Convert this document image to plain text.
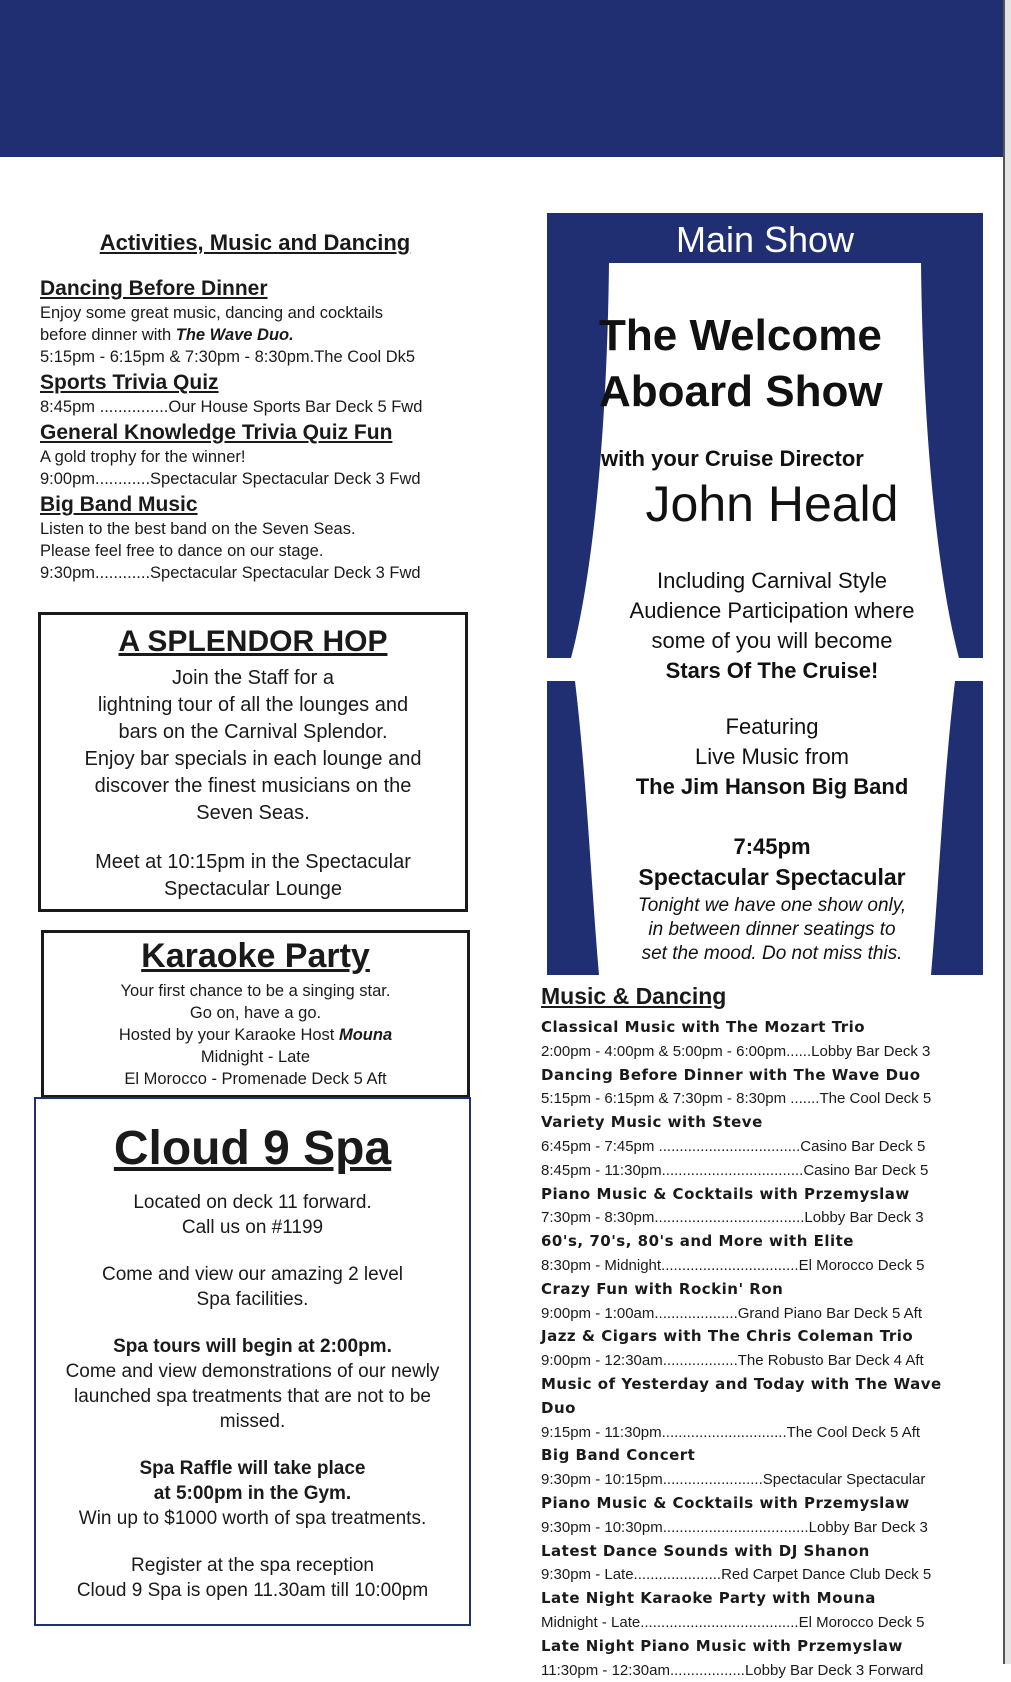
Activities, Music and Dancing

Dancing Before Dinner

Enjoy some great music, dancing and cocktails

before dinner with The Wave Duo.

5:15pm - 6:15pm & 7:30pm - 8:30pm.The Cool Dk5

Sports Trivia Quiz

8:45pm ...............Our House Sports Bar Deck 5 Fwd

General Knowledge Trivia Quiz Fun

A gold trophy for the winner!

9:00pm............Spectacular Spectacular Deck 3 Fwd

Big Band Music

Listen to the best band on the Seven Seas.

Please feel free to dance on our stage.

9:30pm............Spectacular Spectacular Deck 3 Fwd

A SPLENDOR HOP

Join the Staff for a

lightning tour of all the lounges and

bars on the Carnival Splendor.

Enjoy bar specials in each lounge and

discover the finest musicians on the

Seven Seas.

Meet at 10:15pm in the Spectacular

Spectacular Lounge

Karaoke Party

Your first chance to be a singing star.

Go on, have a go.

Hosted by your Karaoke Host Mouna

Midnight - Late

El Morocco - Promenade Deck 5 Aft

Cloud 9 Spa

Located on deck 11 forward.

Call us on #1199

Come and view our amazing 2 level

Spa facilities.

Spa tours will begin at 2:00pm.

Come and view demonstrations of our newly

launched spa treatments that are not to be

missed.

Spa Raffle will take place

at 5:00pm in the Gym.

Win up to $1000 worth of spa treatments.

Register at the spa reception

Cloud 9 Spa is open 11.30am till 10:00pm

Main Show
The Welcome
Aboard Show
with your Cruise Director
John Heald

Including Carnival Style

Audience Participation where

some of you will become

Stars Of The Cruise!

Featuring

Live Music from

The Jim Hanson Big Band

7:45pm
Spectacular Spectacular

Tonight we have one show only,

in between dinner seatings to

set the mood. Do not miss this.

Music & Dancing

Classical Music with The Mozart Trio

2:00pm - 4:00pm & 5:00pm - 6:00pm......Lobby Bar Deck 3

Dancing Before Dinner with The Wave Duo

5:15pm - 6:15pm & 7:30pm - 8:30pm .......The Cool Deck 5

Variety Music with Steve

6:45pm - 7:45pm ..................................Casino Bar Deck 5

8:45pm - 11:30pm..................................Casino Bar Deck 5

Piano Music & Cocktails with Przemyslaw

7:30pm - 8:30pm....................................Lobby Bar Deck 3

60's, 70's, 80's and More with Elite

8:30pm - Midnight.................................El Morocco Deck 5

Crazy Fun with Rockin' Ron

9:00pm - 1:00am....................Grand Piano Bar Deck 5 Aft

Jazz & Cigars with The Chris Coleman Trio

9:00pm - 12:30am..................The Robusto Bar Deck 4 Aft

Music of Yesterday and Today with The Wave Duo

9:15pm - 11:30pm..............................The Cool Deck 5 Aft

Big Band Concert

9:30pm - 10:15pm........................Spectacular Spectacular

Piano Music & Cocktails with Przemyslaw

9:30pm - 10:30pm...................................Lobby Bar Deck 3

Latest Dance Sounds with DJ Shanon

9:30pm - Late.....................Red Carpet Dance Club Deck 5

Late Night Karaoke Party with Mouna

Midnight - Late......................................El Morocco Deck 5

Late Night Piano Music with Przemyslaw

11:30pm - 12:30am..................Lobby Bar Deck 3 Forward
